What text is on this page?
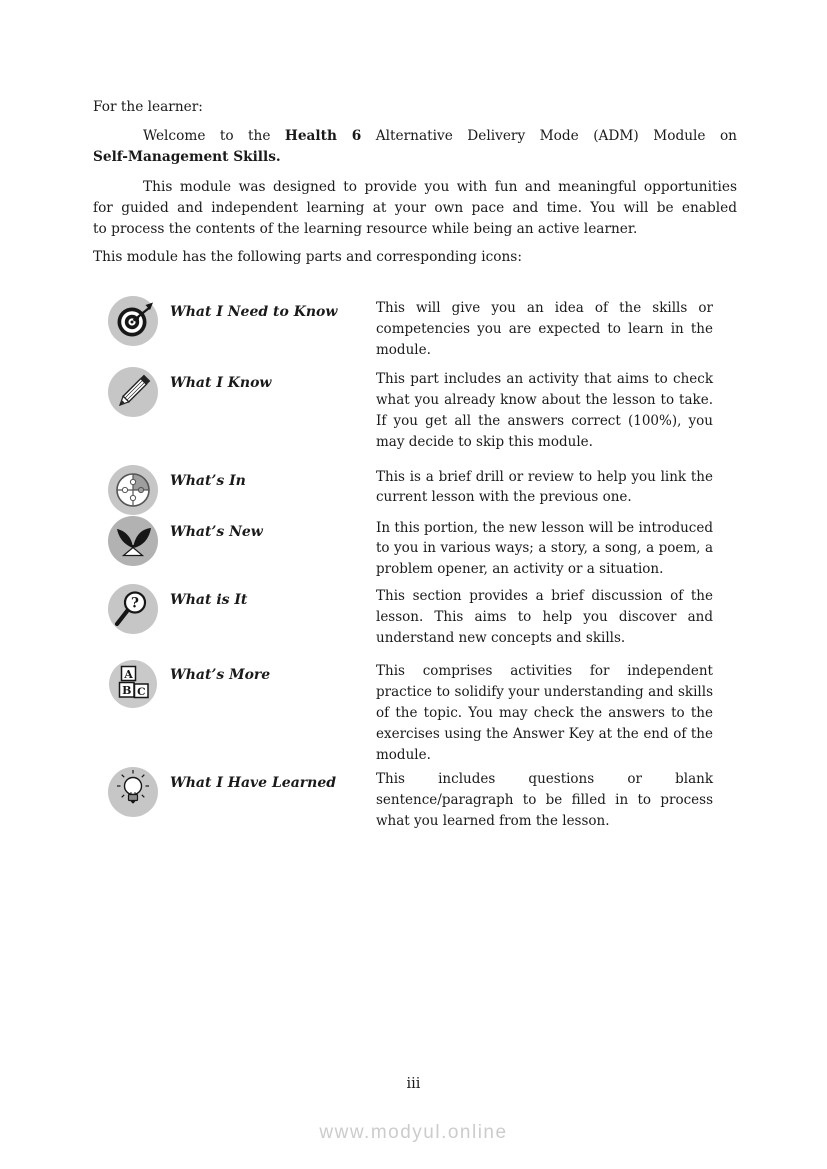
For the learner:

Welcome to the Health 6 Alternative Delivery Mode (ADM) Module on
Self-Management Skills.
This module was designed to provide you with fun and meaningful opportunities
for guided and independent learning at your own pace and time. You will be enabled
to process the contents of the learning resource while being an active learner.

This module has the following parts and corresponding icons:

What I Need to Know	This will give you an idea of the skills or competencies you are expected to learn in the module.
What I Know	This part includes an activity that aims to check what you already know about the lesson to take. If you get all the answers correct (100%), you may decide to skip this module.
What’s In	This is a brief drill or review to help you link the current lesson with the previous one.
What’s New	In this portion, the new lesson will be introduced to you in various ways; a story, a song, a poem, a problem opener, an activity or a situation.
? What is It	This section provides a brief discussion of the lesson. This aims to help you discover and understand new concepts and skills.
A
B C
What’s More	This comprises activities for independent practice to solidify your understanding and skills of the topic. You may check the answers to the exercises using the Answer Key at the end of the module.
What I Have Learned	This includes questions or blank sentence/⁠paragraph to be filled in to process what you learned from the lesson.
iii
www.modyul.online
